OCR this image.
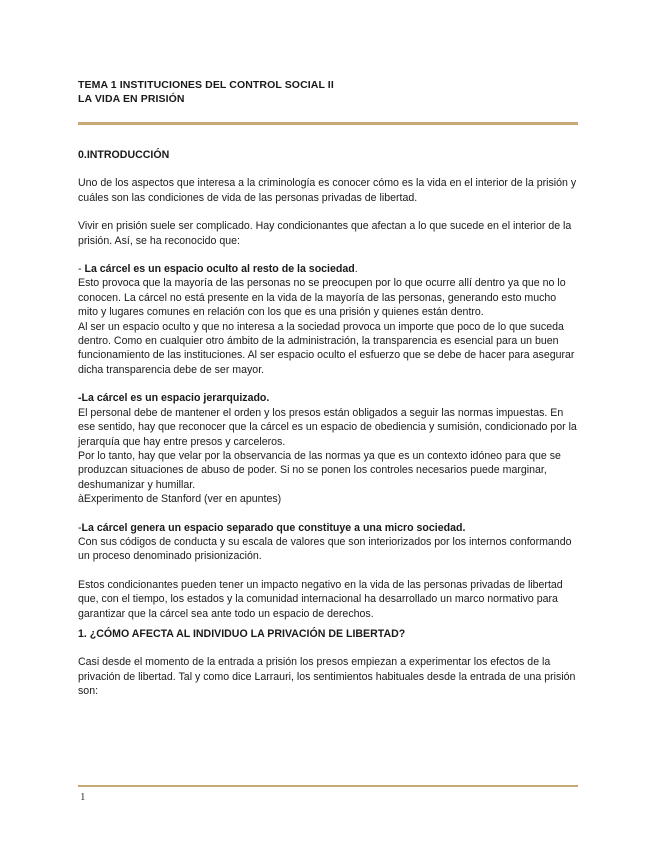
TEMA 1 INSTITUCIONES DEL CONTROL SOCIAL II
LA VIDA EN PRISIÓN

0.INTRODUCCIÓN

Uno de los aspectos que interesa a la criminología es conocer cómo es la vida en el interior de la prisión y cuáles son las condiciones de vida de las personas privadas de libertad.

Vivir en prisión suele ser complicado. Hay condicionantes que afectan a lo que sucede en el interior de la prisión. Así, se ha reconocido que:

- La cárcel es un espacio oculto al resto de la sociedad.

Esto provoca que la mayoría de las personas no se preocupen por lo que ocurre allí dentro ya que no lo conocen. La cárcel no está presente en la vida de la mayoría de las personas, generando esto mucho mito y lugares comunes en relación con los que es una prisión y quienes están dentro.

Al ser un espacio oculto y que no interesa a la sociedad provoca un importe que poco de lo que suceda dentro. Como en cualquier otro ámbito de la administración, la transparencia es esencial para un buen funcionamiento de las instituciones. Al ser espacio oculto el esfuerzo que se debe de hacer para asegurar dicha transparencia debe de ser mayor.

-La cárcel es un espacio jerarquizado.

El personal debe de mantener el orden y los presos están obligados a seguir las normas impuestas. En ese sentido, hay que reconocer que la cárcel es un espacio de obediencia y sumisión, condicionado por la jerarquía que hay entre presos y carceleros.

Por lo tanto, hay que velar por la observancia de las normas ya que es un contexto idóneo para que se produzcan situaciones de abuso de poder. Si no se ponen los controles necesarios puede marginar, deshumanizar y humillar.

àExperimento de Stanford (ver en apuntes)

-La cárcel genera un espacio separado que constituye a una micro sociedad.

Con sus códigos de conducta y su escala de valores que son interiorizados por los internos conformando un proceso denominado prisionización.

Estos condicionantes pueden tener un impacto negativo en la vida de las personas privadas de libertad que, con el tiempo, los estados y la comunidad internacional ha desarrollado un marco normativo para garantizar que la cárcel sea ante todo un espacio de derechos.

1. ¿CÓMO AFECTA AL INDIVIDUO LA PRIVACIÓN DE LIBERTAD?

Casi desde el momento de la entrada a prisión los presos empiezan a experimentar los efectos de la privación de libertad. Tal y como dice Larrauri, los sentimientos habituales desde la entrada de una prisión son:

1
